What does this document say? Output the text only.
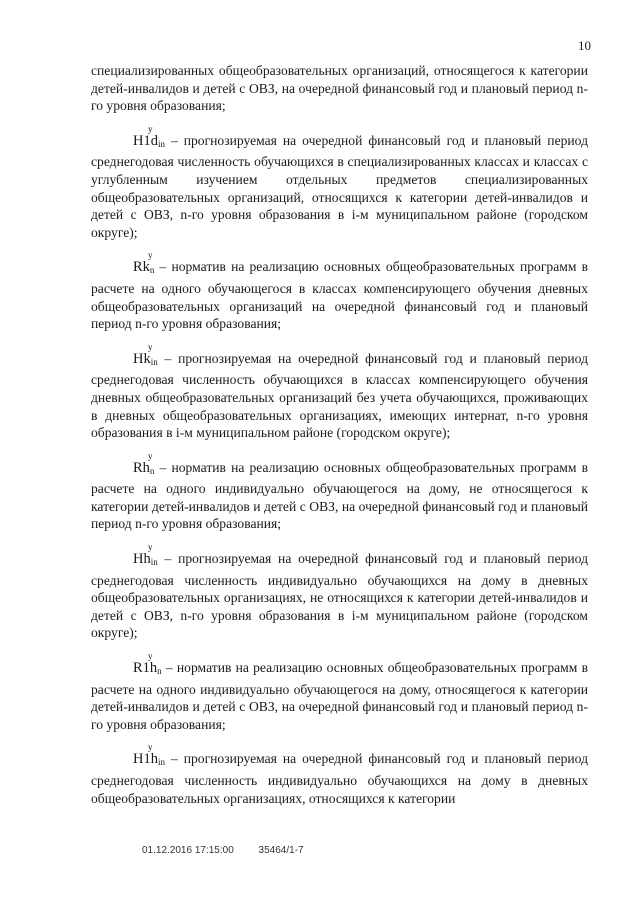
10

специализированных общеобразовательных организаций, относящегося к категории детей-инвалидов и детей с ОВЗ, на очередной финансовый год и плановый период n-го уровня образования;

y
$H1d_{in}$ – прогнозируемая на очередной финансовый год и плановый период среднегодовая численность обучающихся в специализированных классах и классах с углубленным изучением отдельных предметов специализированных общеобразовательных организаций, относящихся к категории детей-инвалидов и детей с ОВЗ, n-го уровня образования в i-м муниципальном районе (городском округе);

y
$Rk_n$ – норматив на реализацию основных общеобразовательных программ в расчете на одного обучающегося в классах компенсирующего обучения дневных общеобразовательных организаций на очередной финансовый год и плановый период n-го уровня образования;

y
$Hk_{in}$ – прогнозируемая на очередной финансовый год и плановый период среднегодовая численность обучающихся в классах компенсирующего обучения дневных общеобразовательных организаций без учета обучающихся, проживающих в дневных общеобразовательных организациях, имеющих интернат, n-го уровня образования в i-м муниципальном районе (городском округе);

y
$Rh_n$ – норматив на реализацию основных общеобразовательных программ в расчете на одного индивидуально обучающегося на дому, не относящегося к категории детей-инвалидов и детей с ОВЗ, на очередной финансовый год и плановый период n-го уровня образования;

y
$Hh_{in}$ – прогнозируемая на очередной финансовый год и плановый период среднегодовая численность индивидуально обучающихся на дому в дневных общеобразовательных организациях, не относящихся к категории детей-инвалидов и детей с ОВЗ, n-го уровня образования в i-м муниципальном районе (городском округе);

y
$R1h_n$ – норматив на реализацию основных общеобразовательных программ в расчете на одного индивидуально обучающегося на дому, относящегося к категории детей-инвалидов и детей с ОВЗ, на очередной финансовый год и плановый период n-го уровня образования;

y
$H1h_{in}$ – прогнозируемая на очередной финансовый год и плановый период среднегодовая численность индивидуально обучающихся на дому в дневных общеобразовательных организациях, относящихся к категории

01.12.2016 17:15:00 35464/1-7
